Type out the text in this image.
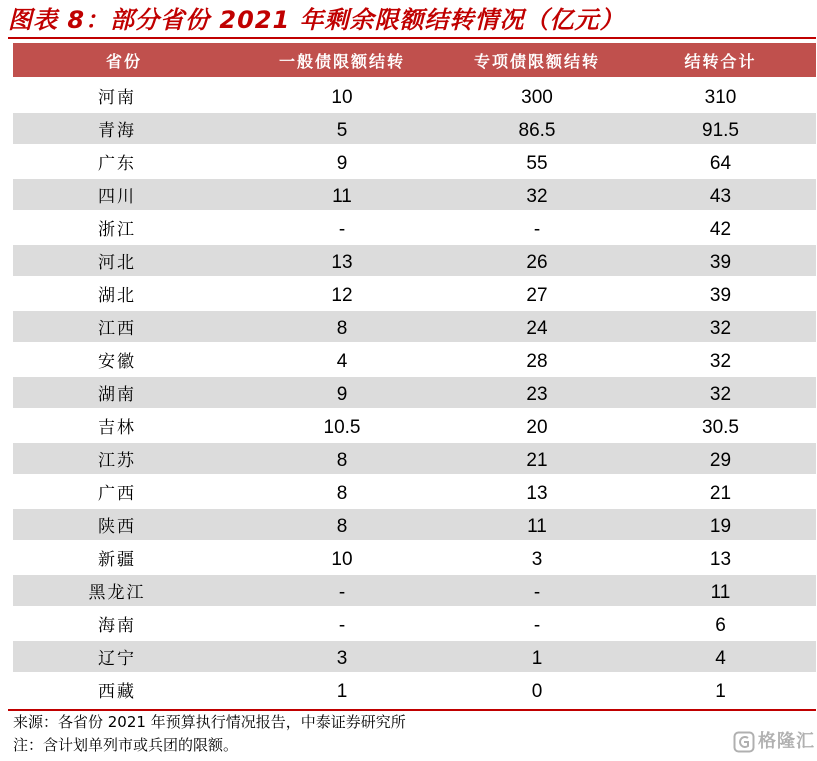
图表 8：部分省份 2021 年剩余限额结转情况（亿元）
省份	一般债限额结转	专项债限额结转	结转合计
河南	10	300	310
青海	5	86.5	91.5
广东	9	55	64
四川	11	32	43
浙江	-	-	42
河北	13	26	39
湖北	12	27	39
江西	8	24	32
安徽	4	28	32
湖南	9	23	32
吉林	10.5	20	30.5
江苏	8	21	29
广西	8	13	21
陕西	8	11	19
新疆	10	3	13
黑龙江	-	-	11
海南	-	-	6
辽宁	3	1	4
西藏	1	0	1
来源：各省份 2021 年预算执行情况报告，中泰证券研究所
注：含计划单列市或兵团的限额。	格隆汇
